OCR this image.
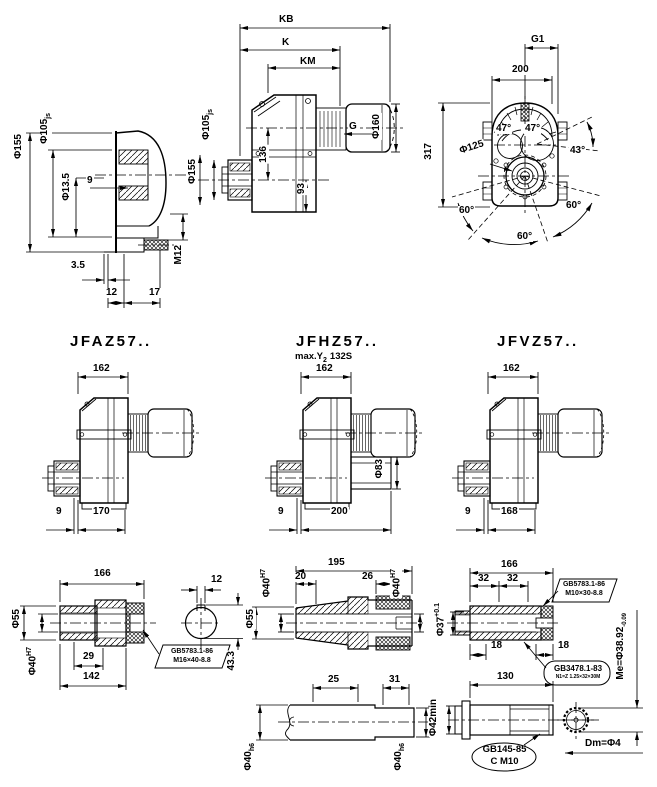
Φ155
$\Phi 105_{js}$
Φ13.5 9
3.5
12	17
M12
KB
K
KM
$\Phi 105_{js}$
Φ155
136
93
G Φ160
317
G1
200
47° 47°
Φ125	43°
60°	60°
60°
JFAZ57..	JFHZ57..	JFVZ57..
$\max.Y_2$ 132S
162	162	162
9	170	9	200	9	168
Φ83
166
12
Φ55
$\Phi 40^{H7}$	29
142
43.3
GB5783.1-86
M16×40-8.8
195
$\Phi 40^{H7}$
$\Phi 40^{H7}$
20	26
Φ55
25	31
$\Phi 40_{h6}$
$\Phi 40_{h6}$
$\Phi 37^{+0.1}$
Φ42min
166
32 32
18	18
130
GB5783.1-86
M10×30-8.8
GB3478.1-83
N1=Z 1.25×32×30M
GB145-85
C M10
$Me=\Phi 38.92_{-0.09}$
Dm=Φ4
